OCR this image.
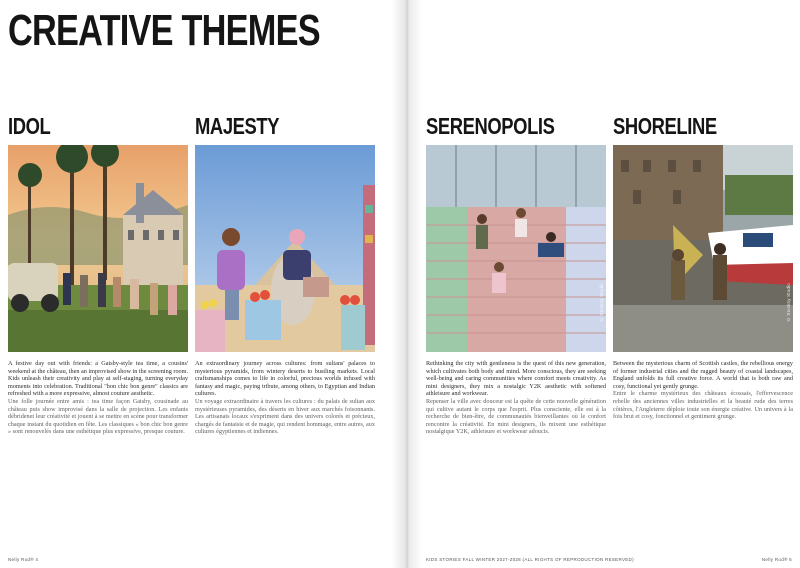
CREATIVE THEMES
IDOL

A festive day out with friends: a Gatsby-style tea time, a cousins' weekend at the château, then an improvised show in the screening room. Kids unleash their creativity and play at self-staging, turning everyday moments into celebration. Traditional "bon chic bon genre" classics are refreshed with a more expressive, almost couture aesthetic.

Une folle journée entre amis : tea time façon Gatsby, cousinade au château puis show improvisé dans la salle de projection. Les enfants débridenet leur créativité et jouent à se mettre en scène pour transformer chaque instant du quotidien en fête. Les classiques « bon chic bon genre » sont renouvelés dans une esthétique plus expressive, presque couture.

MAJESTY

An extraordinary journey across cultures: from sultans' palaces to mysterious pyramids, from wintery deserts to bustling markets. Local craftsmanships comes to life in colorful, precious worlds infused with fantasy and magic, paying tribute, among others, to Egyptian and Indian cultures.

Un voyage extraordinaire à travers les cultures : du palais de sultan aux mystérieuses pyramides, des déserts en hiver aux marchés foisonnants. Les artisanats locaux s'expriment dans des univers colorés et précieux, chargés de fantaisie et de magie, qui rendent hommage, entre autres, aux cultures égyptiennes et indiennes.

SERENOPOLIS
© Stocksy Studio

Rethinking the city with gentleness is the quest of this new generation, which cultivates both body and mind. More conscious, they are seeking well-being and caring communities where comfort meets creativity. As mini designers, they mix a nostalgic Y2K aesthetic with softened athleisure and workwear.

Repenser la ville avec douceur est la quête de cette nouvelle génération qui cultive autant le corps que l'esprit. Plus consciente, elle est à la recherche de bien-être, de communautés bienveillantes où le confort rencontre la créativité. En mini designers, ils mixent une esthétique nostalgique Y2K, athleisure et workwear adoucis.

SHORELINE
© Stocksy Studio

Between the mysterious charm of Scottish castles, the rebellious energy of former industrial cities and the rugged beauty of coastal landscapes, England unfolds its full creative force. A world that is both raw and cosy, functional yet gently grunge.

Entre le charme mystérieux des châteaux écossais, l'effervescence rebelle des anciennes villes industrielles et la beauté rude des terres côtières, l'Angleterre déploie toute son énergie créative. Un univers à la fois brut et cosy, fonctionnel et gentiment grunge.

Nelly Rod® 4	KIDS STORIES FALL WINTER 2027-2028 (ALL RIGHTS OF REPRODUCTION RESERVED)	Nelly Rod® 5
